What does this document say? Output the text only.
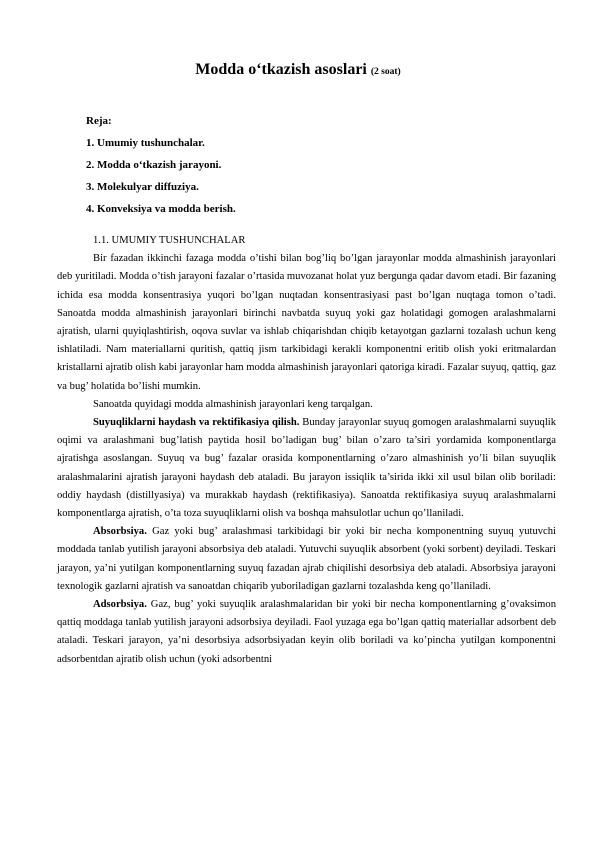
Modda o‘tkazish asoslari (2 soat)
Reja:
1. Umumiy tushunchalar.
2. Modda o‘tkazish jarayoni.
3. Molekulyar diffuziya.
4. Konveksiya va modda berish.

1.1. UMUMIY TUSHUNCHALAR

Bir fazadan ikkinchi fazaga modda o’tishi bilan bog’liq bo’lgan jarayonlar modda almashinish jarayonlari deb yuritiladi. Modda o’tish jarayoni fazalar o’rtasida muvozanat holat yuz bergunga qadar davom etadi. Bir fazaning ichida esa modda konsentrasiya yuqori bo’lgan nuqtadan konsentrasiyasi past bo’lgan nuqtaga tomon o’tadi. Sanoatda modda almashinish jarayonlari birinchi navbatda suyuq yoki gaz holatidagi gomogen aralashmalarni ajratish, ularni quyiqlashtirish, oqova suvlar va ishlab chiqarishdan chiqib ketayotgan gazlarni tozalash uchun keng ishlatiladi. Nam materiallarni quritish, qattiq jism tarkibidagi kerakli komponentni eritib olish yoki eritmalardan kristallarni ajratib olish kabi jarayonlar ham modda almashinish jarayonlari qatoriga kiradi. Fazalar suyuq, qattiq, gaz va bug’ holatida bo’lishi mumkin.

Sanoatda quyidagi modda almashinish jarayonlari keng tarqalgan.

Suyuqliklarni haydash va rektifikasiya qilish. Bunday jarayonlar suyuq gomogen aralashmalarni suyuqlik oqimi va aralashmani bug’latish paytida hosil bo’ladigan bug’ bilan o’zaro ta’siri yordamida komponentlarga ajratishga asoslangan. Suyuq va bug’ fazalar orasida komponentlarning o’zaro almashinish yo’li bilan suyuqlik aralashmalarini ajratish jarayoni haydash deb ataladi. Bu jarayon issiqlik ta’sirida ikki xil usul bilan olib boriladi: oddiy haydash (distillyasiya) va murakkab haydash (rektifikasiya). Sanoatda rektifikasiya suyuq aralashmalarni komponentlarga ajratish, o’ta toza suyuqliklarni olish va boshqa mahsulotlar uchun qo’llaniladi.

Absorbsiya. Gaz yoki bug’ aralashmasi tarkibidagi bir yoki bir necha komponentning suyuq yutuvchi moddada tanlab yutilish jarayoni absorbsiya deb ataladi. Yutuvchi suyuqlik absorbent (yoki sorbent) deyiladi. Teskari jarayon, ya’ni yutilgan komponentlarning suyuq fazadan ajrab chiqilishi desorbsiya deb ataladi. Absorbsiya jarayoni texnologik gazlarni ajratish va sanoatdan chiqarib yuboriladigan gazlarni tozalashda keng qo’llaniladi.

Adsorbsiya. Gaz, bug’ yoki suyuqlik aralashmalaridan bir yoki bir necha komponentlarning g’ovaksimon qattiq moddaga tanlab yutilish jarayoni adsorbsiya deyiladi. Faol yuzaga ega bo’lgan qattiq materiallar adsorbent deb ataladi. Teskari jarayon, ya’ni desorbsiya adsorbsiyadan keyin olib boriladi va ko’pincha yutilgan komponentni adsorbentdan ajratib olish uchun (yoki adsorbentni
